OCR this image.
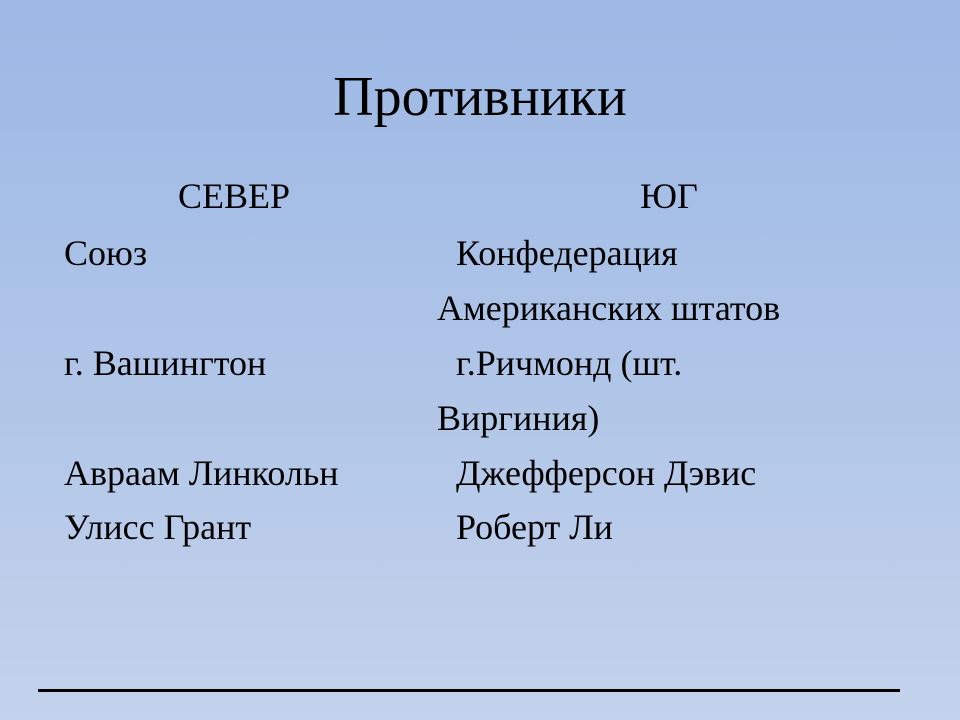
Противники
СЕВЕР	ЮГ
Союз	Конфедерация
Американских штатов
г. Вашингтон	г.Ричмонд (шт.
Виргиния)
Авраам Линкольн	Джефферсон Дэвис
Улисс Грант	Роберт Ли
